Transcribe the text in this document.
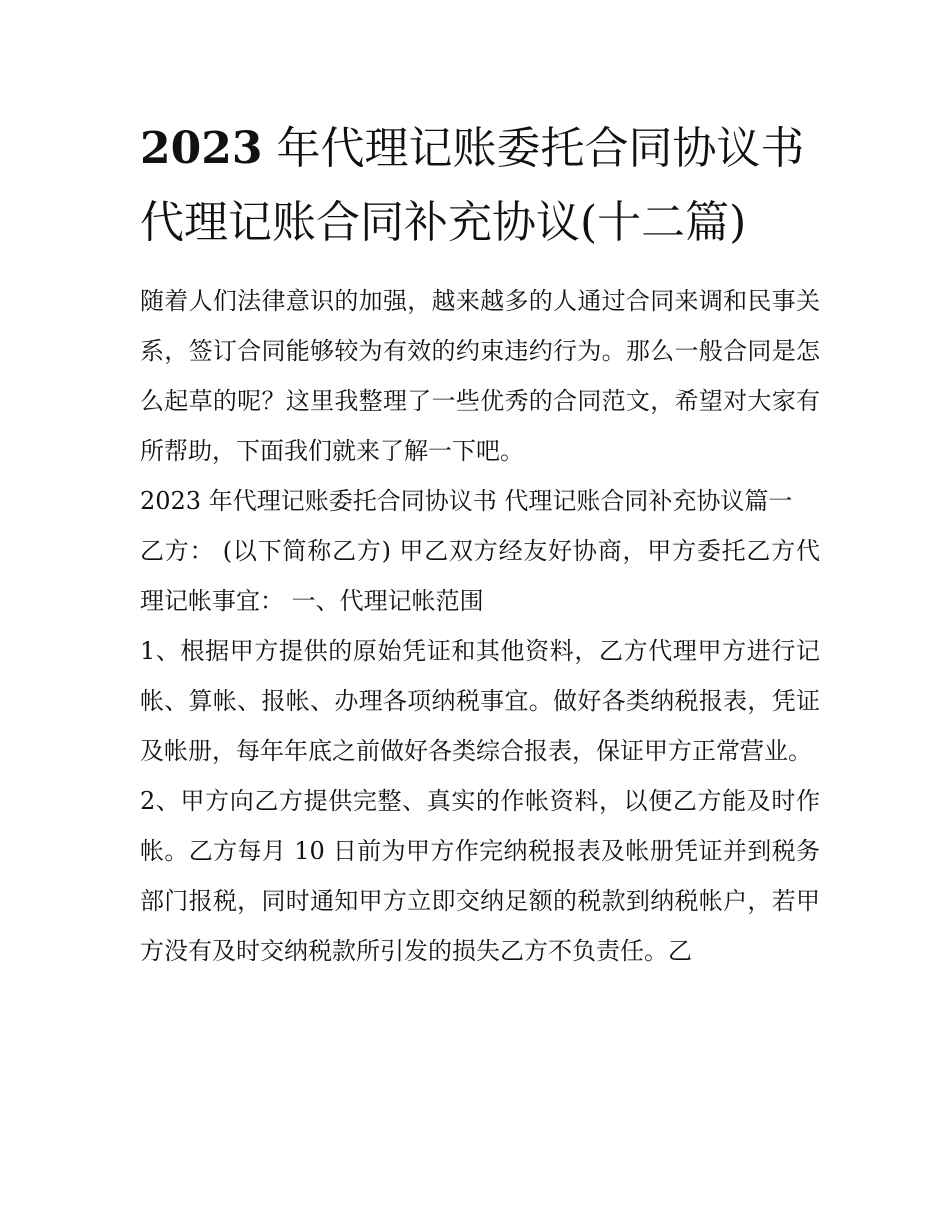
2023 年代理记账委托合同协议书 代理记账合同补充协议(十二篇)

随着人们法律意识的加强，越来越多的人通过合同来调和民事关系，签订合同能够较为有效的约束违约行为。那么一般合同是怎么起草的呢？这里我整理了一些优秀的合同范文，希望对大家有所帮助，下面我们就来了解一下吧。

2023 年代理记账委托合同协议书 代理记账合同补充协议篇一

乙方： (以下简称乙方) 甲乙双方经友好协商，甲方委托乙方代理记帐事宜： 一、代理记帐范围

1、根据甲方提供的原始凭证和其他资料，乙方代理甲方进行记帐、算帐、报帐、办理各项纳税事宜。做好各类纳税报表，凭证及帐册，每年年底之前做好各类综合报表，保证甲方正常营业。

2、甲方向乙方提供完整、真实的作帐资料，以便乙方能及时作帐。乙方每月 10 日前为甲方作完纳税报表及帐册凭证并到税务部门报税，同时通知甲方立即交纳足额的税款到纳税帐户，若甲方没有及时交纳税款所引发的损失乙方不负责任。乙
